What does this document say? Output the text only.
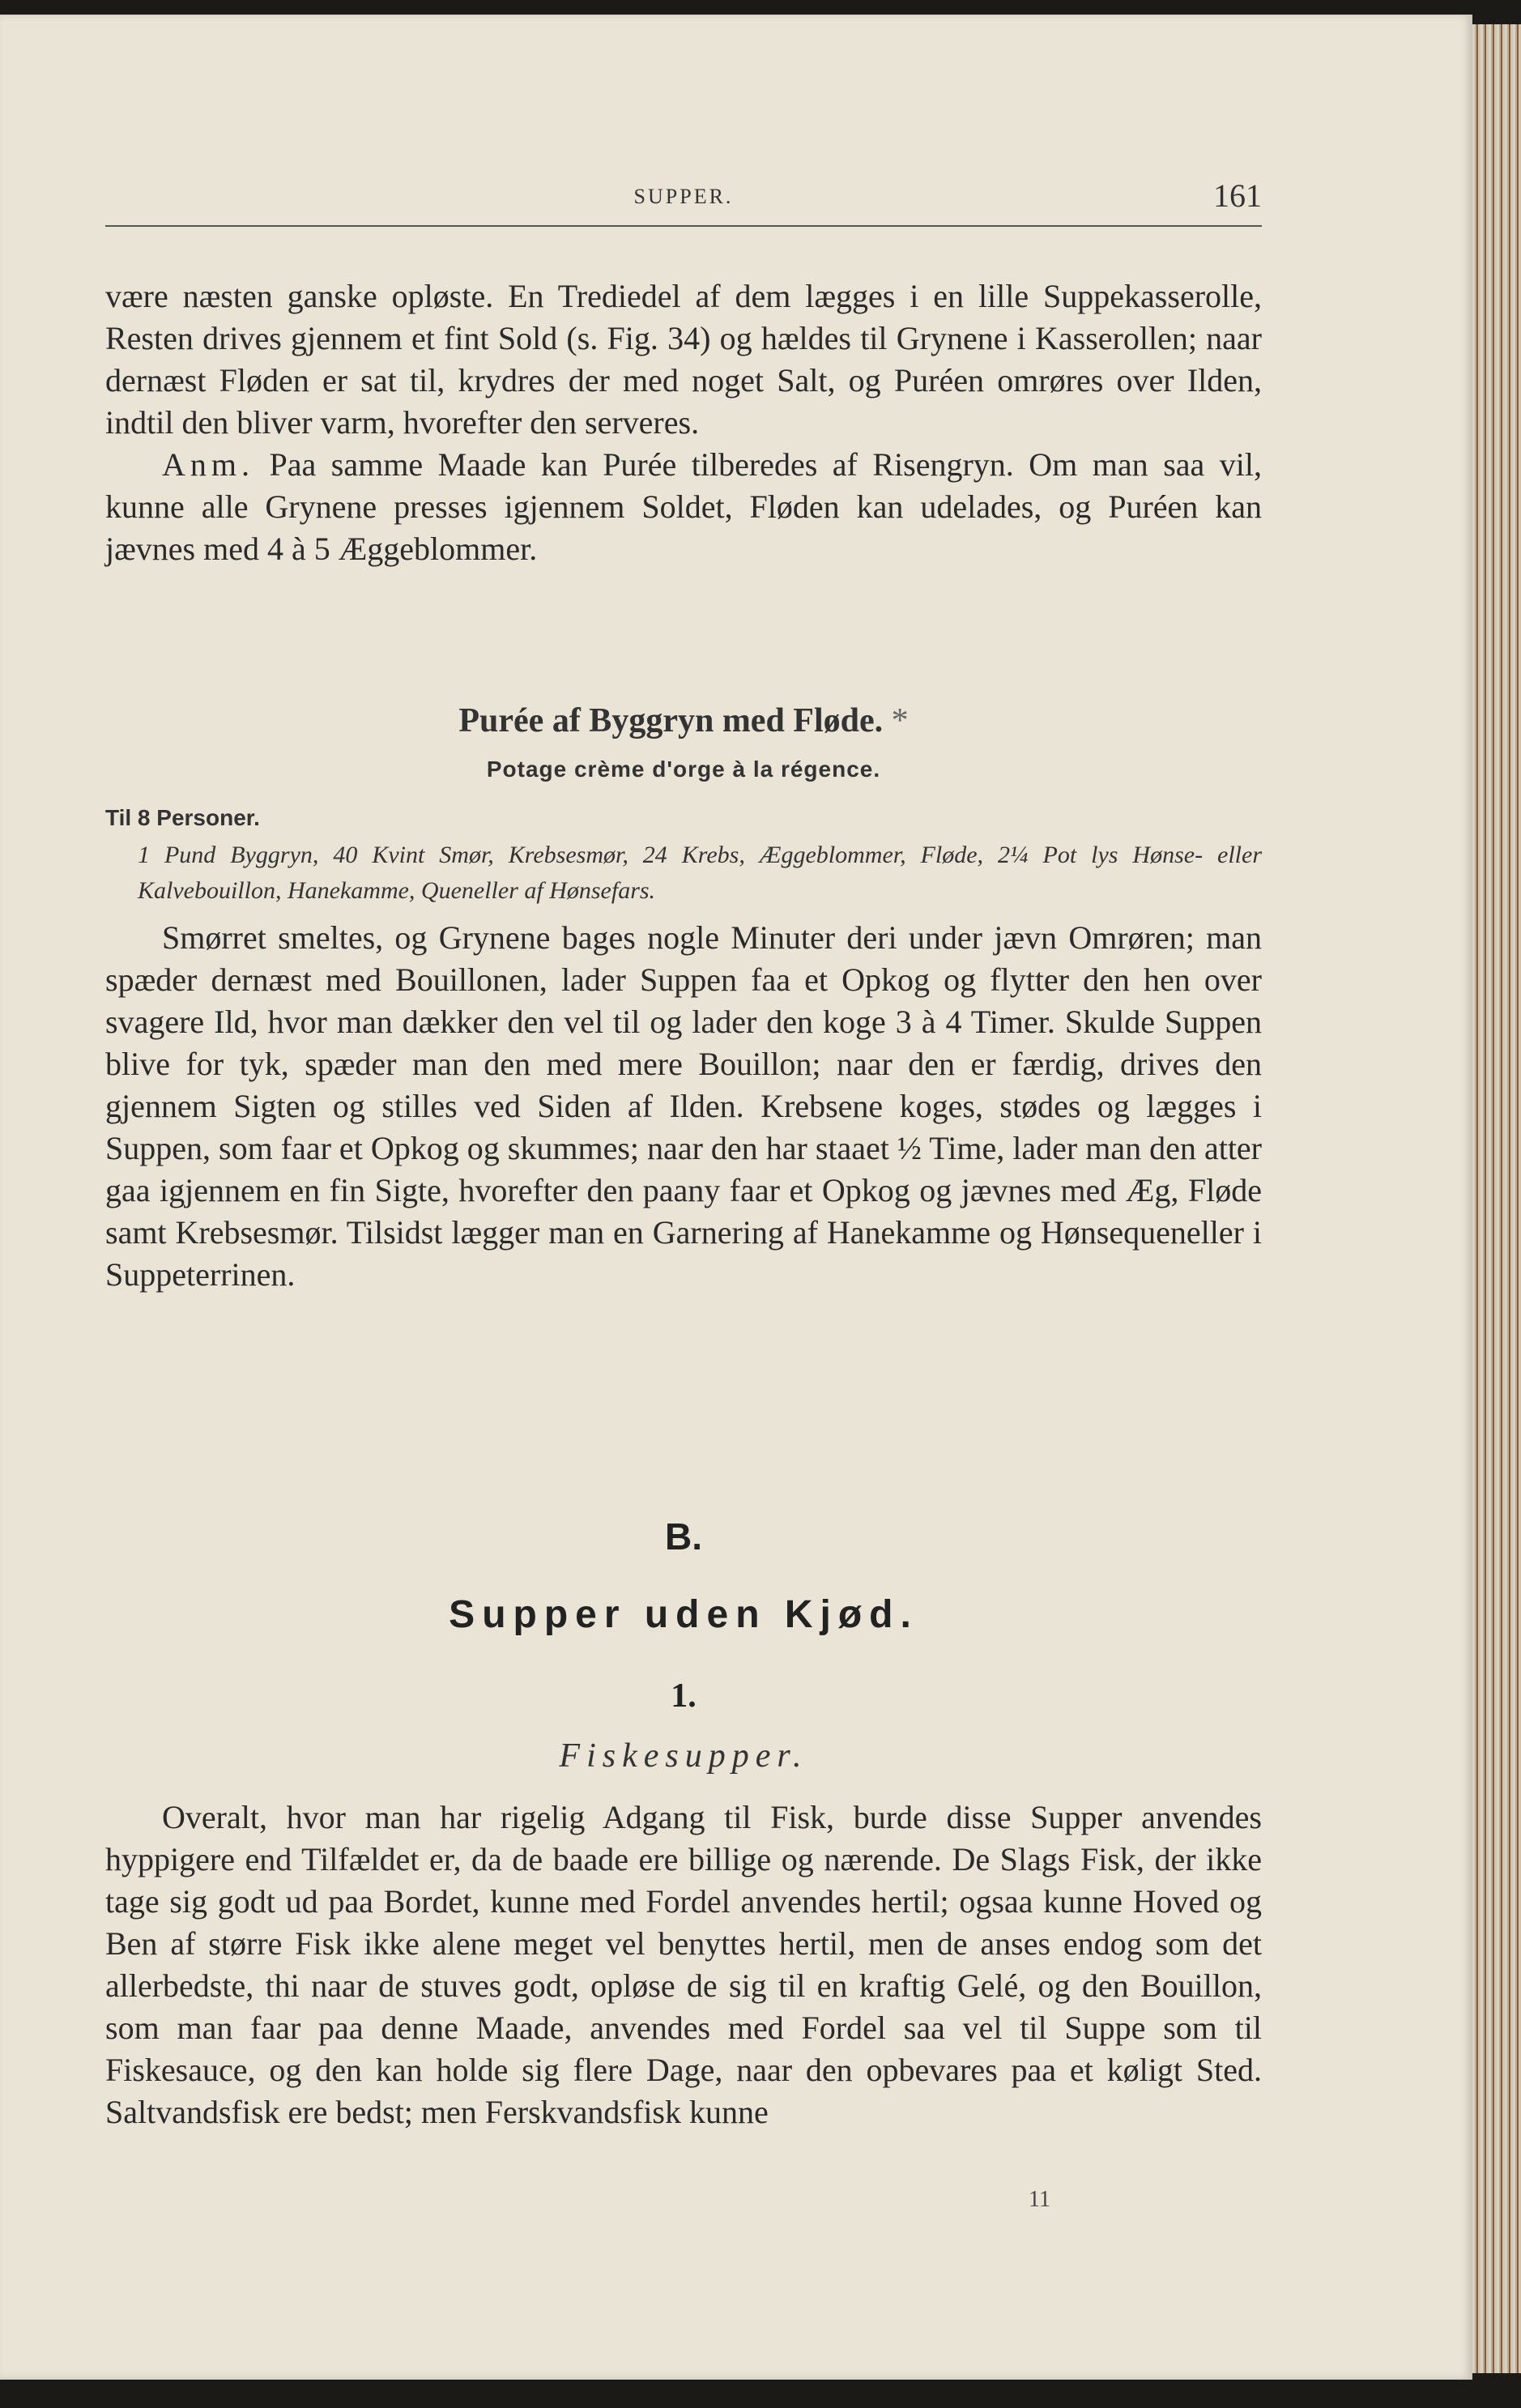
SUPPER.	161

være næsten ganske opløste. En Trediedel af dem lægges i en lille Suppekasserolle, Resten drives gjennem et fint Sold (s. Fig. 34) og hældes til Grynene i Kasserollen; naar dernæst Fløden er sat til, krydres der med noget Salt, og Puréen omrøres over Ilden, indtil den bliver varm, hvorefter den serveres.

Anm. Paa samme Maade kan Purée tilberedes af Risengryn. Om man saa vil, kunne alle Grynene presses igjennem Soldet, Fløden kan udelades, og Puréen kan jævnes med 4 à 5 Æggeblommer.

Purée af Byggryn med Fløde. *
Potage crème d'orge à la régence.
Til 8 Personer.
1 Pund Byggryn, 40 Kvint Smør, Krebsesmør, 24 Krebs, Æggeblommer, Fløde, 2¼ Pot lys Hønse- eller Kalvebouillon, Hanekamme, Queneller af Hønsefars.

Smørret smeltes, og Grynene bages nogle Minuter deri under jævn Omrøren; man spæder dernæst med Bouillonen, lader Suppen faa et Opkog og flytter den hen over svagere Ild, hvor man dækker den vel til og lader den koge 3 à 4 Timer. Skulde Suppen blive for tyk, spæder man den med mere Bouillon; naar den er færdig, drives den gjennem Sigten og stilles ved Siden af Ilden. Krebsene koges, stødes og lægges i Suppen, som faar et Opkog og skummes; naar den har staaet ½ Time, lader man den atter gaa igjennem en fin Sigte, hvorefter den paany faar et Opkog og jævnes med Æg, Fløde samt Krebsesmør. Tilsidst lægger man en Garnering af Hanekamme og Hønsequeneller i Suppeterrinen.

B.
Supper uden Kjød.
1.
Fiskesupper.

Overalt, hvor man har rigelig Adgang til Fisk, burde disse Supper anvendes hyppigere end Tilfældet er, da de baade ere billige og nærende. De Slags Fisk, der ikke tage sig godt ud paa Bordet, kunne med Fordel anvendes hertil; ogsaa kunne Hoved og Ben af større Fisk ikke alene meget vel benyttes hertil, men de anses endog som det allerbedste, thi naar de stuves godt, opløse de sig til en kraftig Gelé, og den Bouillon, som man faar paa denne Maade, anvendes med Fordel saa vel til Suppe som til Fiskesauce, og den kan holde sig flere Dage, naar den opbevares paa et køligt Sted. Saltvandsfisk ere bedst; men Ferskvandsfisk kunne

11
